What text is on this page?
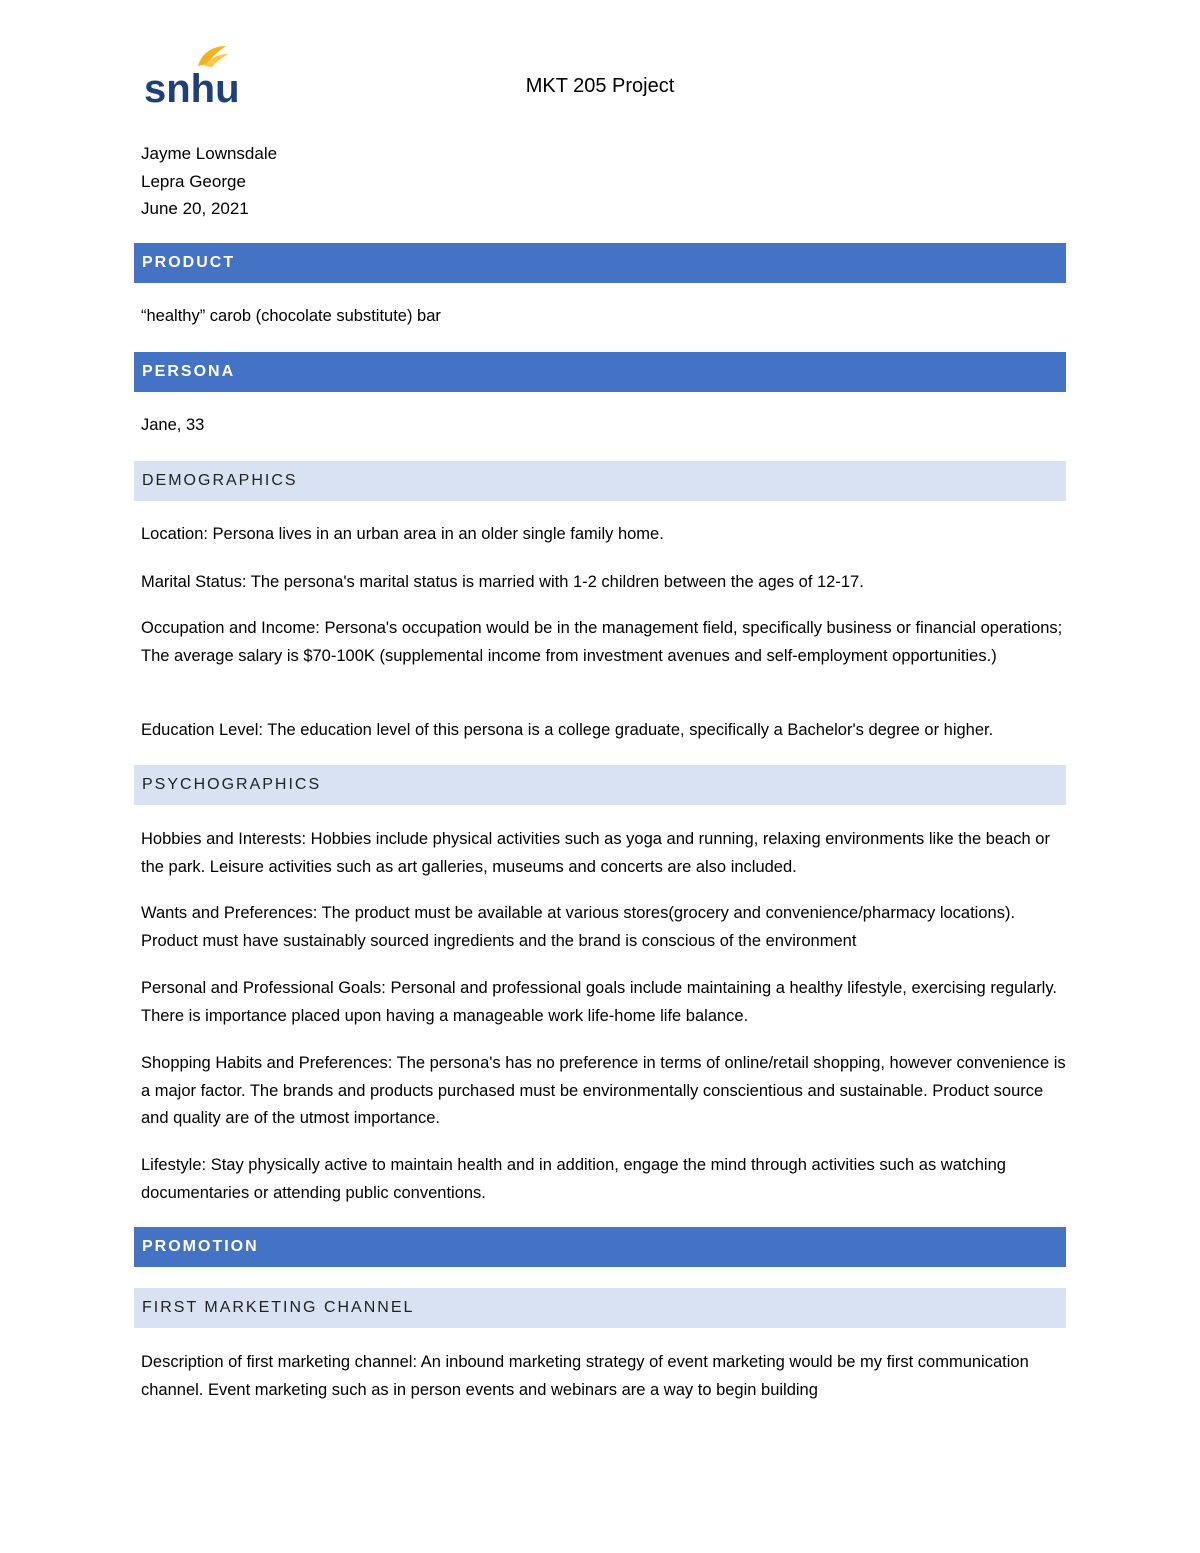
snhu	MKT 205 Project
Jayme Lownsdale
Lepra George
June 20, 2021
PRODUCT
“healthy” carob (chocolate substitute) bar
PERSONA
Jane, 33
DEMOGRAPHICS
Location: Persona lives in an urban area in an older single family home.
Marital Status: The persona's marital status is married with 1-2 children between the ages of 12-17.
Occupation and Income: Persona's occupation would be in the management field, specifically business or financial operations; The average salary is $70-100K (supplemental income from investment avenues and self-employment opportunities.)
Education Level: The education level of this persona is a college graduate, specifically a Bachelor's degree or higher.
PSYCHOGRAPHICS
Hobbies and Interests: Hobbies include physical activities such as yoga and running, relaxing environments like the beach or the park. Leisure activities such as art galleries, museums and concerts are also included.
Wants and Preferences: The product must be available at various stores(grocery and convenience/pharmacy locations). Product must have sustainably sourced ingredients and the brand is conscious of the environment
Personal and Professional Goals: Personal and professional goals include maintaining a healthy lifestyle, exercising regularly. There is importance placed upon having a manageable work life-home life balance.
Shopping Habits and Preferences: The persona's has no preference in terms of online/retail shopping, however convenience is a major factor. The brands and products purchased must be environmentally conscientious and sustainable. Product source and quality are of the utmost importance.
Lifestyle: Stay physically active to maintain health and in addition, engage the mind through activities such as watching documentaries or attending public conventions.
PROMOTION
FIRST MARKETING CHANNEL
Description of first marketing channel: An inbound marketing strategy of event marketing would be my first communication channel. Event marketing such as in person events and webinars are a way to begin building
